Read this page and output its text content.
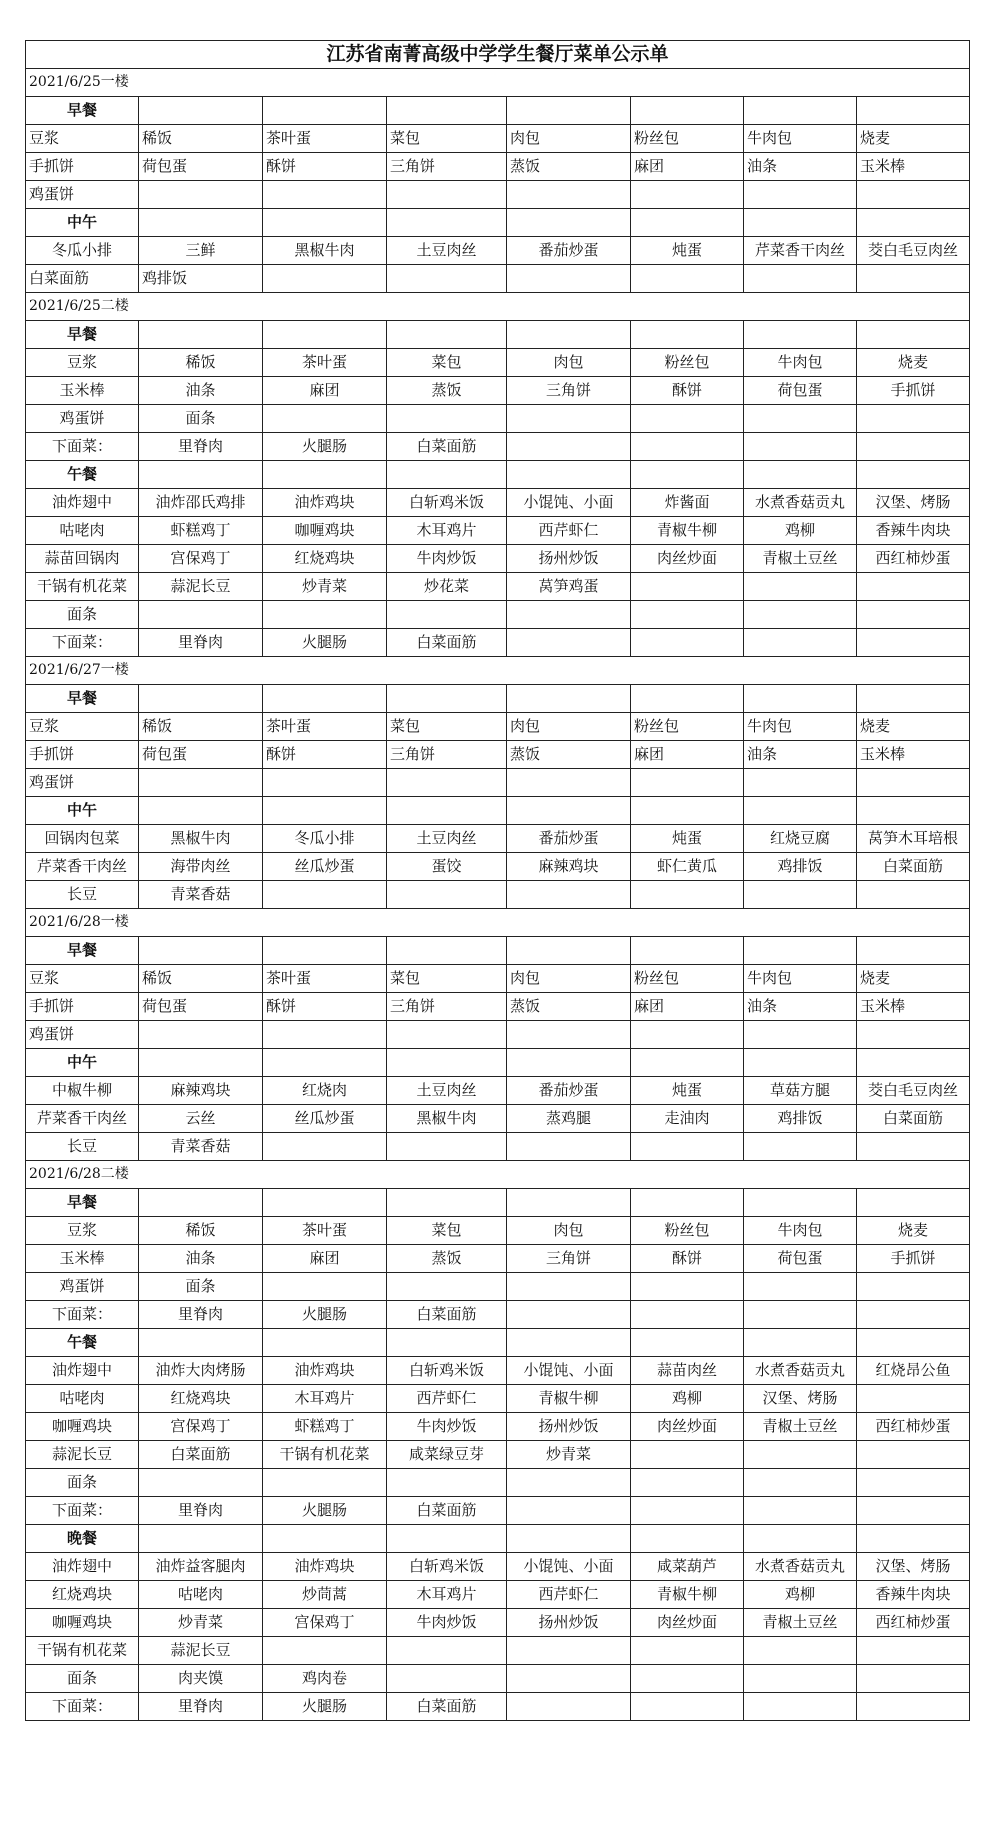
江苏省南菁高级中学学生餐厅菜单公示单							
2021/6/25一楼							
早餐							
豆浆	稀饭	茶叶蛋	菜包	肉包	粉丝包	牛肉包	烧麦
手抓饼	荷包蛋	酥饼	三角饼	蒸饭	麻团	油条	玉米棒
鸡蛋饼							
中午							
冬瓜小排	三鲜	黑椒牛肉	土豆肉丝	番茄炒蛋	炖蛋	芹菜香干肉丝	茭白毛豆肉丝
白菜面筋	鸡排饭						
2021/6/25二楼							
早餐							
豆浆	稀饭	茶叶蛋	菜包	肉包	粉丝包	牛肉包	烧麦
玉米棒	油条	麻团	蒸饭	三角饼	酥饼	荷包蛋	手抓饼
鸡蛋饼	面条						
下面菜：	里脊肉	火腿肠	白菜面筋				
午餐							
油炸翅中	油炸邵氏鸡排	油炸鸡块	白斩鸡米饭	小馄饨、小面	炸酱面	水煮香菇贡丸	汉堡、烤肠
咕咾肉	虾糕鸡丁	咖喱鸡块	木耳鸡片	西芹虾仁	青椒牛柳	鸡柳	香辣牛肉块
蒜苗回锅肉	宫保鸡丁	红烧鸡块	牛肉炒饭	扬州炒饭	肉丝炒面	青椒土豆丝	西红柿炒蛋
干锅有机花菜	蒜泥长豆	炒青菜	炒花菜	莴笋鸡蛋			
面条							
下面菜：	里脊肉	火腿肠	白菜面筋				
2021/6/27一楼							
早餐							
豆浆	稀饭	茶叶蛋	菜包	肉包	粉丝包	牛肉包	烧麦
手抓饼	荷包蛋	酥饼	三角饼	蒸饭	麻团	油条	玉米棒
鸡蛋饼							
中午							
回锅肉包菜	黑椒牛肉	冬瓜小排	土豆肉丝	番茄炒蛋	炖蛋	红烧豆腐	莴笋木耳培根
芹菜香干肉丝	海带肉丝	丝瓜炒蛋	蛋饺	麻辣鸡块	虾仁黄瓜	鸡排饭	白菜面筋
长豆	青菜香菇						
2021/6/28一楼							
早餐							
豆浆	稀饭	茶叶蛋	菜包	肉包	粉丝包	牛肉包	烧麦
手抓饼	荷包蛋	酥饼	三角饼	蒸饭	麻团	油条	玉米棒
鸡蛋饼							
中午							
中椒牛柳	麻辣鸡块	红烧肉	土豆肉丝	番茄炒蛋	炖蛋	草菇方腿	茭白毛豆肉丝
芹菜香干肉丝	云丝	丝瓜炒蛋	黑椒牛肉	蒸鸡腿	走油肉	鸡排饭	白菜面筋
长豆	青菜香菇						
2021/6/28二楼							
早餐							
豆浆	稀饭	茶叶蛋	菜包	肉包	粉丝包	牛肉包	烧麦
玉米棒	油条	麻团	蒸饭	三角饼	酥饼	荷包蛋	手抓饼
鸡蛋饼	面条						
下面菜：	里脊肉	火腿肠	白菜面筋				
午餐							
油炸翅中	油炸大肉烤肠	油炸鸡块	白斩鸡米饭	小馄饨、小面	蒜苗肉丝	水煮香菇贡丸	红烧昂公鱼
咕咾肉	红烧鸡块	木耳鸡片	西芹虾仁	青椒牛柳	鸡柳	汉堡、烤肠	
咖喱鸡块	宫保鸡丁	虾糕鸡丁	牛肉炒饭	扬州炒饭	肉丝炒面	青椒土豆丝	西红柿炒蛋
蒜泥长豆	白菜面筋	干锅有机花菜	咸菜绿豆芽	炒青菜			
面条							
下面菜：	里脊肉	火腿肠	白菜面筋				
晚餐							
油炸翅中	油炸益客腿肉	油炸鸡块	白斩鸡米饭	小馄饨、小面	咸菜葫芦	水煮香菇贡丸	汉堡、烤肠
红烧鸡块	咕咾肉	炒茼蒿	木耳鸡片	西芹虾仁	青椒牛柳	鸡柳	香辣牛肉块
咖喱鸡块	炒青菜	宫保鸡丁	牛肉炒饭	扬州炒饭	肉丝炒面	青椒土豆丝	西红柿炒蛋
干锅有机花菜	蒜泥长豆						
面条	肉夹馍	鸡肉卷					
下面菜：	里脊肉	火腿肠	白菜面筋				
